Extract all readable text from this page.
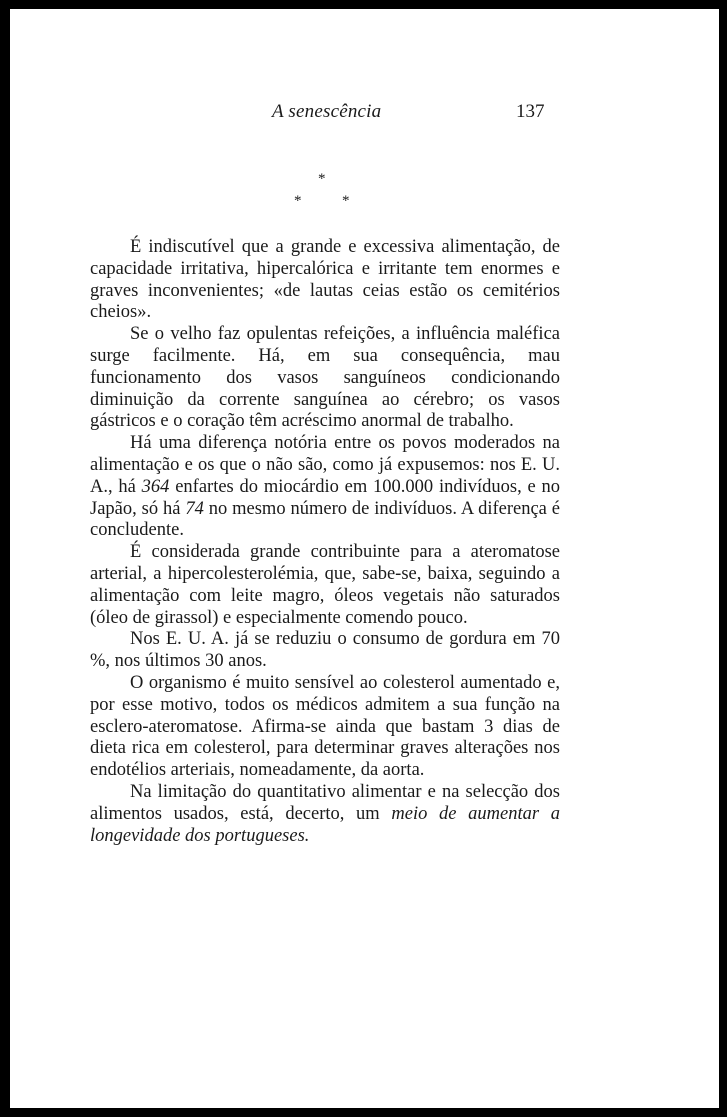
A senescência	137
*
*	*

É indiscutível que a grande e excessiva alimentação, de capacidade irritativa, hipercalórica e irritante tem enormes e graves inconvenientes; «de lautas ceias estão os cemitérios cheios».

Se o velho faz opulentas refeições, a influência maléfica surge facilmente. Há, em sua consequência, mau funcionamento dos vasos sanguíneos condicionando diminuição da corrente sanguínea ao cérebro; os vasos gástricos e o coração têm acréscimo anormal de trabalho.

Há uma diferença notória entre os povos moderados na alimentação e os que o não são, como já expusemos: nos E. U. A., há 364 enfartes do miocárdio em 100.000 indivíduos, e no Japão, só há 74 no mesmo número de indivíduos. A diferença é concludente.

É considerada grande contribuinte para a ateromatose arterial, a hipercolesterolémia, que, sabe-se, baixa, seguindo a alimentação com leite magro, óleos vegetais não saturados (óleo de girassol) e especialmente comendo pouco.

Nos E. U. A. já se reduziu o consumo de gordura em 70 %, nos últimos 30 anos.

O organismo é muito sensível ao colesterol aumentado e, por esse motivo, todos os médicos admitem a sua função na esclero-ateromatose. Afirma-se ainda que bastam 3 dias de dieta rica em colesterol, para determinar graves alterações nos endotélios arteriais, nomeadamente, da aorta.

Na limitação do quantitativo alimentar e na selecção dos alimentos usados, está, decerto, um meio de aumentar a longevidade dos portugueses.
